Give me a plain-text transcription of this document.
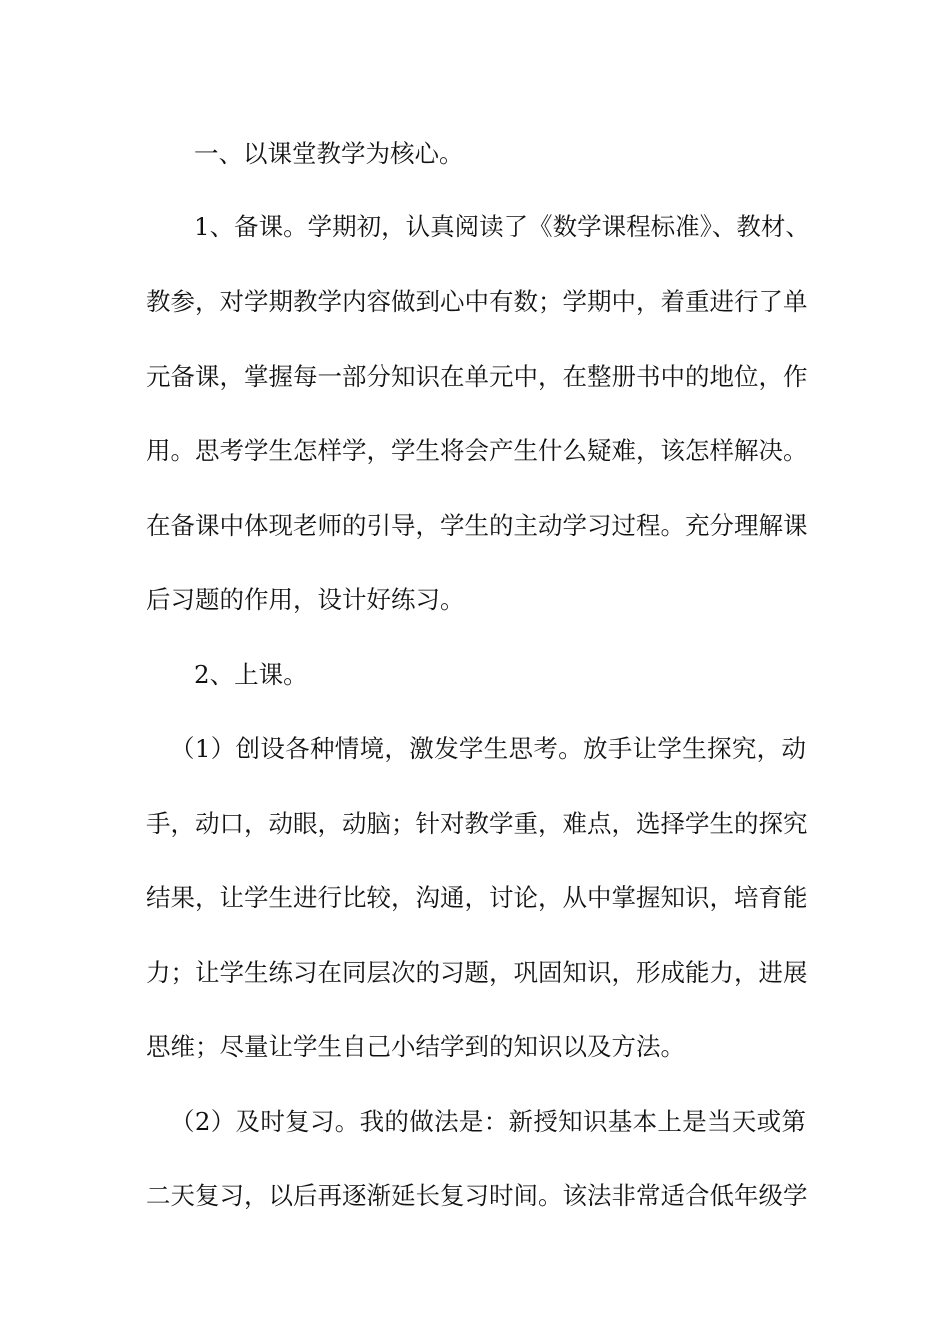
一、以课堂教学为核心。

1、备课。学期初，认真阅读了《数学课程标准》、教材、

教参，对学期教学内容做到心中有数；学期中，着重进行了单

元备课，掌握每一部分知识在单元中，在整册书中的地位，作

用。思考学生怎样学，学生将会产生什么疑难，该怎样解决。

在备课中体现老师的引导，学生的主动学习过程。充分理解课

后习题的作用，设计好练习。

2、上课。

（1）创设各种情境，激发学生思考。放手让学生探究，动

手，动口，动眼，动脑；针对教学重，难点，选择学生的探究

结果，让学生进行比较，沟通，讨论，从中掌握知识，培育能

力；让学生练习在同层次的习题，巩固知识，形成能力，进展

思维；尽量让学生自己小结学到的知识以及方法。

（2）及时复习。我的做法是：新授知识基本上是当天或第

二天复习，以后再逐渐延长复习时间。该法非常适合低年级学
